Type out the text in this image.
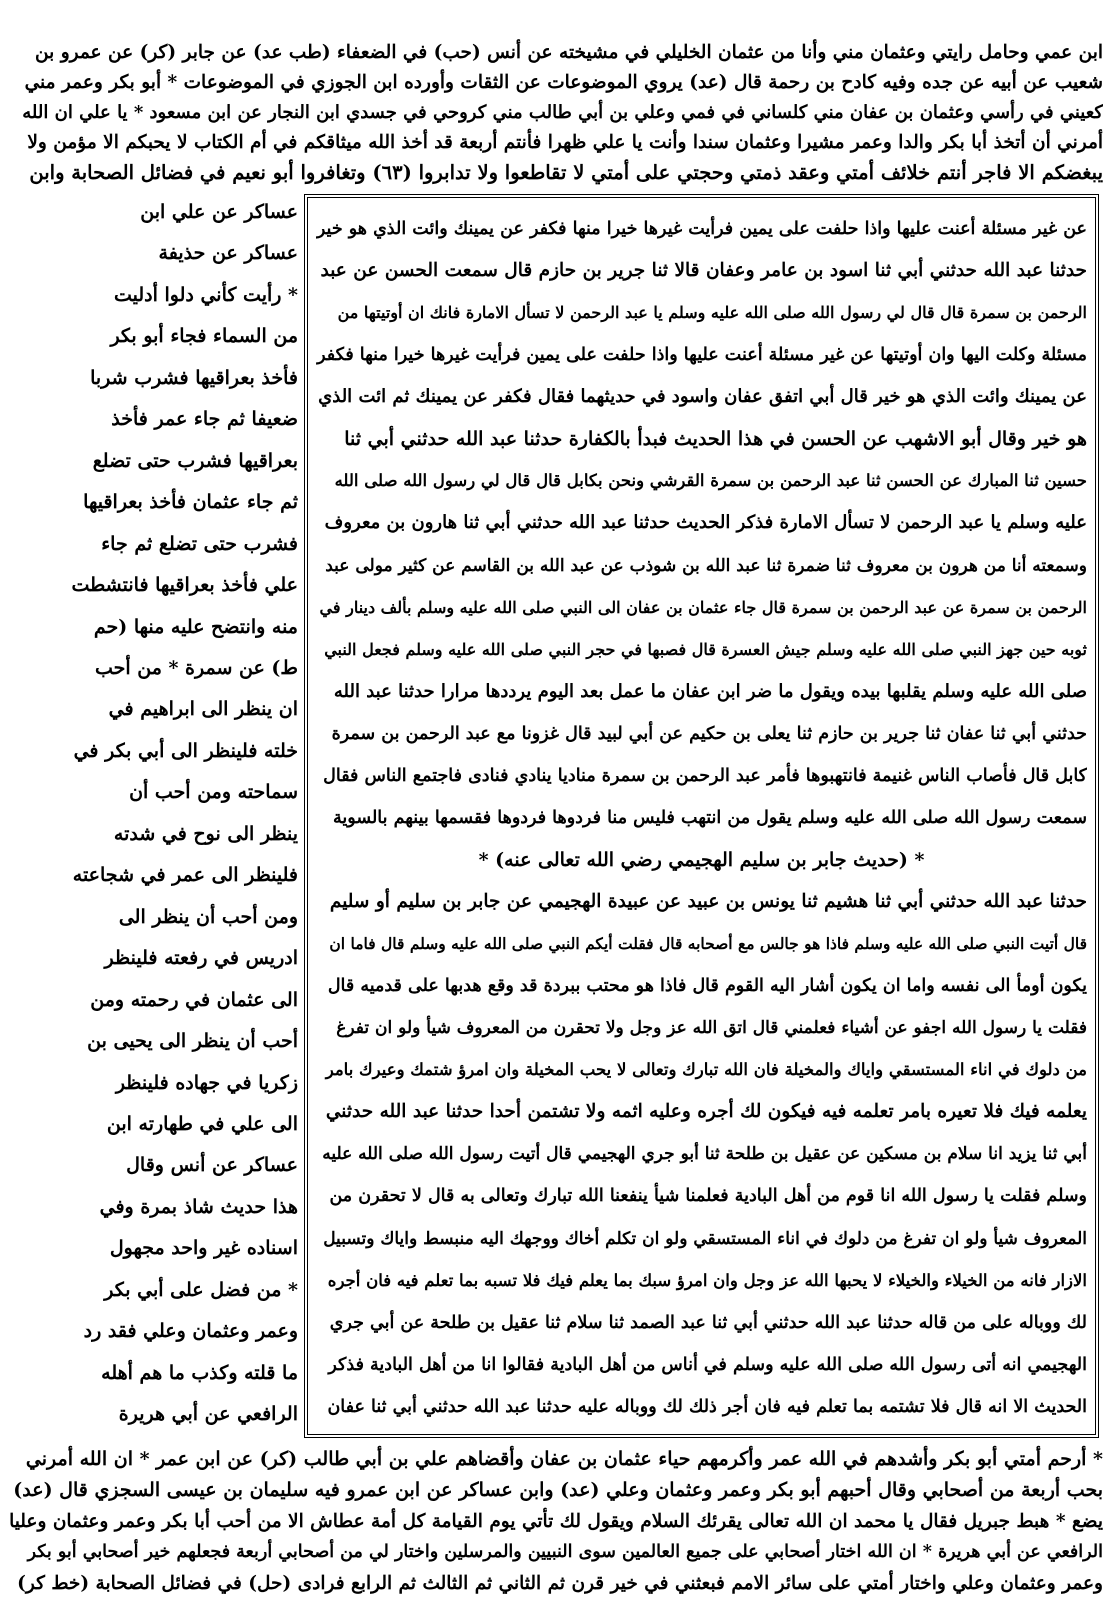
ابن عمي وحامل رايتي وعثمان مني وأنا من عثمان الخليلي في مشيخته عن أنس (حب) في الضعفاء (طب عد) عن جابر (كر) عن عمرو بن
شعيب عن أبيه عن جده وفيه كادح بن رحمة قال (عد) يروي الموضوعات عن الثقات وأورده ابن الجوزي في الموضوعات * أبو بكر وعمر مني
كعيني في رأسي وعثمان بن عفان مني كلساني في فمي وعلي بن أبي طالب مني كروحي في جسدي ابن النجار عن ابن مسعود * يا علي ان الله
أمرني أن أتخذ أبا بكر والدا وعمر مشيرا وعثمان سندا وأنت يا علي ظهرا فأنتم أربعة قد أخذ الله ميثاقكم في أم الكتاب لا يحبكم الا مؤمن ولا
يبغضكم الا فاجر أنتم خلائف أمتي وعقد ذمتي وحجتي على أمتي لا تقاطعوا ولا تدابروا (٦٣) وتغافروا أبو نعيم في فضائل الصحابة وابن
عن غير مسئلة أعنت عليها واذا حلفت على يمين فرأيت غيرها خيرا منها فكفر عن يمينك وائت الذي هو خير
حدثنا عبد الله حدثني أبي ثنا اسود بن عامر وعفان قالا ثنا جرير بن حازم قال سمعت الحسن عن عبد
الرحمن بن سمرة قال قال لي رسول الله صلى الله عليه وسلم يا عبد الرحمن لا تسأل الامارة فانك ان أوتيتها من
مسئلة وكلت اليها وان أوتيتها عن غير مسئلة أعنت عليها واذا حلفت على يمين فرأيت غيرها خيرا منها فكفر
عن يمينك وائت الذي هو خير قال أبي اتفق عفان واسود في حديثهما فقال فكفر عن يمينك ثم ائت الذي
هو خير وقال أبو الاشهب عن الحسن في هذا الحديث فبدأ بالكفارة حدثنا عبد الله حدثني أبي ثنا
حسين ثنا المبارك عن الحسن ثنا عبد الرحمن بن سمرة القرشي ونحن بكابل قال قال لي رسول الله صلى الله
عليه وسلم يا عبد الرحمن لا تسأل الامارة فذكر الحديث حدثنا عبد الله حدثني أبي ثنا هارون بن معروف
وسمعته أنا من هرون بن معروف ثنا ضمرة ثنا عبد الله بن شوذب عن عبد الله بن القاسم عن كثير مولى عبد
الرحمن بن سمرة عن عبد الرحمن بن سمرة قال جاء عثمان بن عفان الى النبي صلى الله عليه وسلم بألف دينار في
ثوبه حين جهز النبي صلى الله عليه وسلم جيش العسرة قال فصبها في حجر النبي صلى الله عليه وسلم فجعل النبي
صلى الله عليه وسلم يقلبها بيده ويقول ما ضر ابن عفان ما عمل بعد اليوم يرددها مرارا حدثنا عبد الله
حدثني أبي ثنا عفان ثنا جرير بن حازم ثنا يعلى بن حكيم عن أبي لبيد قال غزونا مع عبد الرحمن بن سمرة
كابل قال فأصاب الناس غنيمة فانتهبوها فأمر عبد الرحمن بن سمرة مناديا ينادي فنادى فاجتمع الناس فقال
سمعت رسول الله صلى الله عليه وسلم يقول من انتهب فليس منا فردوها فردوها فقسمها بينهم بالسوية
* (حديث جابر بن سليم الهجيمي رضي الله تعالى عنه) *
حدثنا عبد الله حدثني أبي ثنا هشيم ثنا يونس بن عبيد عن عبيدة الهجيمي عن جابر بن سليم أو سليم
قال أتيت النبي صلى الله عليه وسلم فاذا هو جالس مع أصحابه قال فقلت أيكم النبي صلى الله عليه وسلم قال فاما ان
يكون أومأ الى نفسه واما ان يكون أشار اليه القوم قال فاذا هو محتب ببردة قد وقع هدبها على قدميه قال
فقلت يا رسول الله اجفو عن أشياء فعلمني قال اتق الله عز وجل ولا تحقرن من المعروف شيأ ولو ان تفرغ
من دلوك في اناء المستسقي واياك والمخيلة فان الله تبارك وتعالى لا يحب المخيلة وان امرؤ شتمك وعيرك بامر
يعلمه فيك فلا تعيره بامر تعلمه فيه فيكون لك أجره وعليه اثمه ولا تشتمن أحدا حدثنا عبد الله حدثني
أبي ثنا يزيد انا سلام بن مسكين عن عقيل بن طلحة ثنا أبو جري الهجيمي قال أتيت رسول الله صلى الله عليه
وسلم فقلت يا رسول الله انا قوم من أهل البادية فعلمنا شيأ ينفعنا الله تبارك وتعالى به قال لا تحقرن من
المعروف شيأ ولو ان تفرغ من دلوك في اناء المستسقي ولو ان تكلم أخاك ووجهك اليه منبسط واياك وتسبيل
الازار فانه من الخيلاء والخيلاء لا يحبها الله عز وجل وان امرؤ سبك بما يعلم فيك فلا تسبه بما تعلم فيه فان أجره
لك ووباله على من قاله حدثنا عبد الله حدثني أبي ثنا عبد الصمد ثنا سلام ثنا عقيل بن طلحة عن أبي جري
الهجيمي انه أتى رسول الله صلى الله عليه وسلم في أناس من أهل البادية فقالوا انا من أهل البادية فذكر
الحديث الا انه قال فلا تشتمه بما تعلم فيه فان أجر ذلك لك ووباله عليه حدثنا عبد الله حدثني أبي ثنا عفان
عساكر عن علي ابن
عساكر عن حذيفة
* رأيت كأني دلوا أدليت
من السماء فجاء أبو بكر
فأخذ بعراقيها فشرب شربا
ضعيفا ثم جاء عمر فأخذ
بعراقيها فشرب حتى تضلع
ثم جاء عثمان فأخذ بعراقيها
فشرب حتى تضلع ثم جاء
علي فأخذ بعراقيها فانتشطت
منه وانتضح عليه منها (حم
ط) عن سمرة * من أحب
ان ينظر الى ابراهيم في
خلته فلينظر الى أبي بكر في
سماحته ومن أحب أن
ينظر الى نوح في شدته
فلينظر الى عمر في شجاعته
ومن أحب أن ينظر الى
ادريس في رفعته فلينظر
الى عثمان في رحمته ومن
أحب أن ينظر الى يحيى بن
زكريا في جهاده فلينظر
الى علي في طهارته ابن
عساكر عن أنس وقال
هذا حديث شاذ بمرة وفي
اسناده غير واحد مجهول
* من فضل على أبي بكر
وعمر وعثمان وعلي فقد رد
ما قلته وكذب ما هم أهله
الرافعي عن أبي هريرة
* أرحم أمتي أبو بكر وأشدهم في الله عمر وأكرمهم حياء عثمان بن عفان وأقضاهم علي بن أبي طالب (كر) عن ابن عمر * ان الله أمرني
بحب أربعة من أصحابي وقال أحبهم أبو بكر وعمر وعثمان وعلي (عد) وابن عساكر عن ابن عمرو فيه سليمان بن عيسى السجزي قال (عد)
يضع * هبط جبريل فقال يا محمد ان الله تعالى يقرئك السلام ويقول لك تأتي يوم القيامة كل أمة عطاش الا من أحب أبا بكر وعمر وعثمان وعليا
الرافعي عن أبي هريرة * ان الله اختار أصحابي على جميع العالمين سوى النبيين والمرسلين واختار لي من أصحابي أربعة فجعلهم خير أصحابي أبو بكر
وعمر وعثمان وعلي واختار أمتي على سائر الامم فبعثني في خير قرن ثم الثاني ثم الثالث ثم الرابع فرادى (حل) في فضائل الصحابة (خط كر)
